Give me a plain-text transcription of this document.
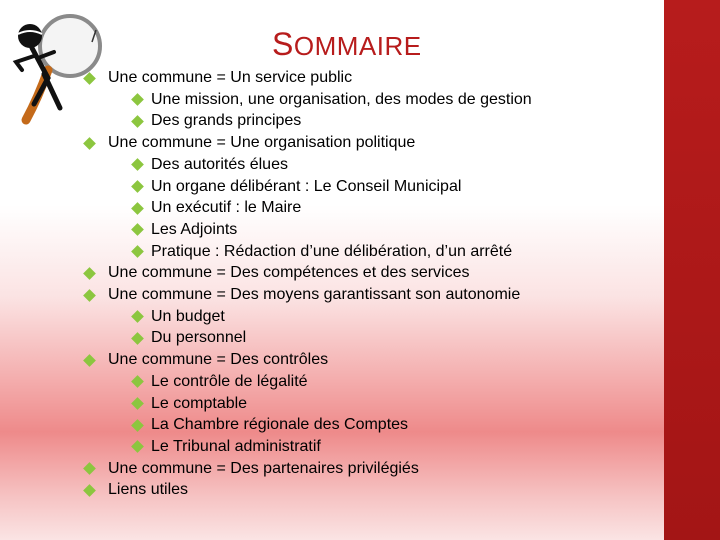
SOMMAIRE
Une commune = Un service public
Une mission, une organisation, des modes de gestion
Des grands principes
Une commune = Une organisation politique
Des autorités élues
Un organe délibérant : Le Conseil Municipal
Un exécutif : le Maire
Les Adjoints
Pratique : Rédaction d’une délibération, d’un arrêté
Une commune = Des compétences et des services
Une commune = Des moyens garantissant son autonomie
Un budget
Du personnel
Une commune = Des contrôles
Le contrôle de légalité
Le comptable
La Chambre régionale des Comptes
Le Tribunal administratif
Une commune = Des partenaires privilégiés
Liens utiles
